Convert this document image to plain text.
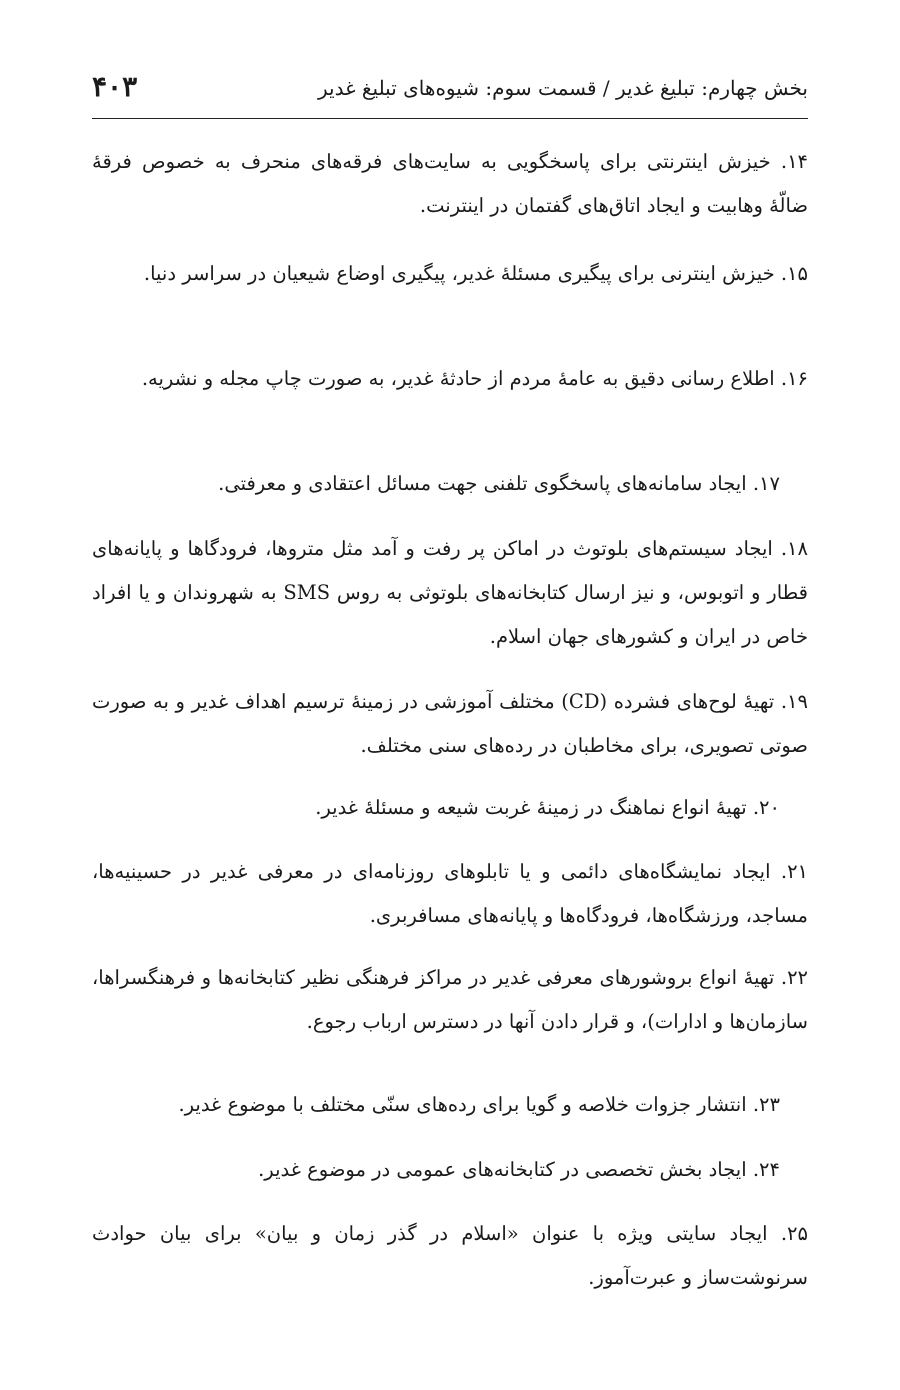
بخش چهارم: تبلیغ غدیر / قسمت سوم: شیوه‌های تبلیغ غدیر
۴۰۳
۱۴. خیزش اینترنتی برای پاسخگویی به سایت‌های فرقه‌های منحرف به خصوص فرقهٔ ضالّهٔ وهابیت و ایجاد اتاق‌های گفتمان در اینترنت.
۱۵. خیزش اینترنی برای پیگیری مسئلهٔ غدیر، پیگیری اوضاع شیعیان در سراسر دنیا.
۱۶. اطلاع رسانی دقیق به عامهٔ مردم از حادثهٔ غدیر، به صورت چاپ مجله و نشریه.
۱۷. ایجاد سامانه‌های پاسخگوی تلفنی جهت مسائل اعتقادی و معرفتی.
۱۸. ایجاد سیستم‌های بلوتوث در اماکن پر رفت و آمد مثل متروها، فرودگاها و پایانه‌های قطار و اتوبوس، و نیز ارسال کتابخانه‌های بلوتوثی به روس SMS به شهروندان و یا افراد خاص در ایران و کشورهای جهان اسلام.
۱۹. تهیهٔ لوح‌های فشرده (CD) مختلف آموزشی در زمینهٔ ترسیم اهداف غدیر و به صورت صوتی تصویری، برای مخاطبان در رده‌های سنی مختلف.
۲۰. تهیهٔ انواع نماهنگ در زمینهٔ غربت شیعه و مسئلهٔ غدیر.
۲۱. ایجاد نمایشگاه‌های دائمی و یا تابلوهای روزنامه‌ای در معرفی غدیر در حسینیه‌ها، مساجد، ورزشگاه‌ها، فرودگاه‌ها و پایانه‌های مسافربری.
۲۲. تهیهٔ انواع بروشورهای معرفی غدیر در مراکز فرهنگی نظیر کتابخانه‌ها و فرهنگسراها، سازمان‌ها و ادارات)، و قرار دادن آنها در دسترس ارباب رجوع.
۲۳. انتشار جزوات خلاصه و گویا برای رده‌های سنّی مختلف با موضوع غدیر.
۲۴. ایجاد بخش تخصصی در کتابخانه‌های عمومی در موضوع غدیر.
۲۵. ایجاد سایتی ویژه با عنوان «اسلام در گذر زمان و بیان» برای بیان حوادث سرنوشت‌ساز و عبرت‌آموز.
